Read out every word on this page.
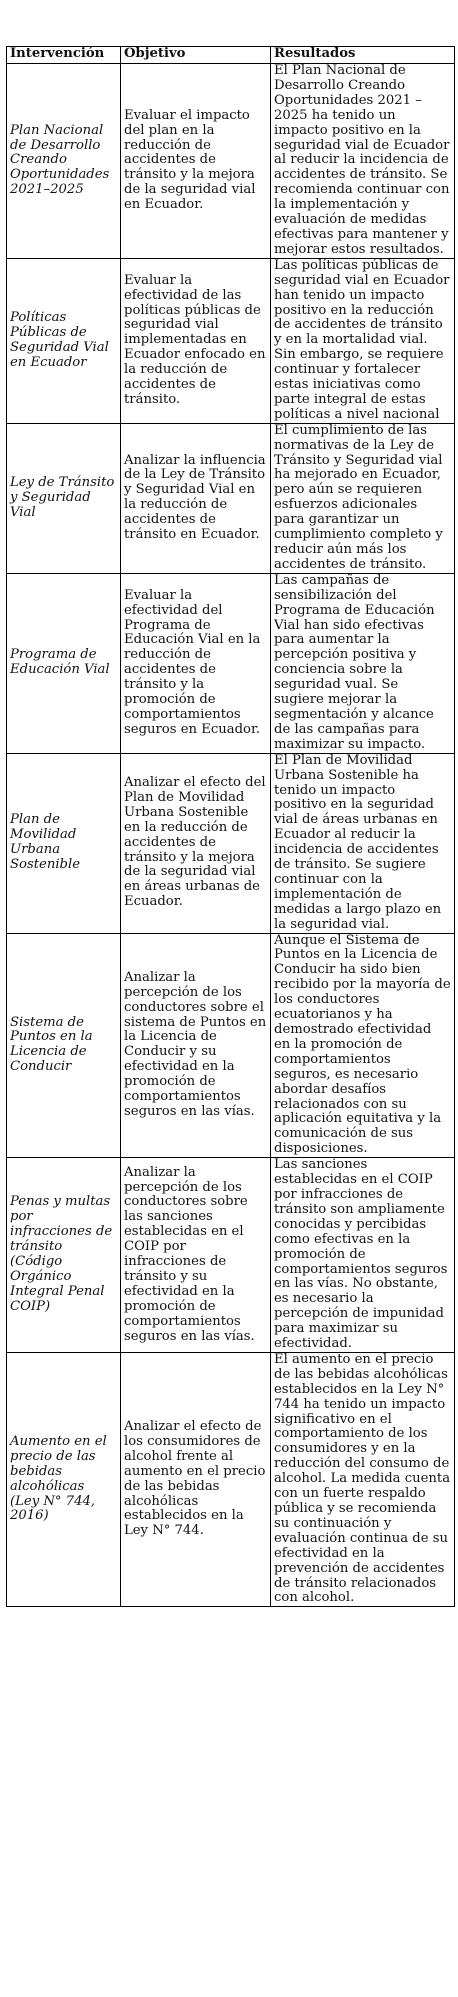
Intervención	Objetivo	Resultados
Plan Nacional de Desarrollo Creando Oportunidades 2021–2025	Evaluar el impacto del plan en la reducción de accidentes de tránsito y la mejora de la seguridad vial en Ecuador.	El Plan Nacional de Desarrollo Creando Oportunidades 2021 – 2025 ha tenido un impacto positivo en la seguridad vial de Ecuador al reducir la incidencia de accidentes de tránsito. Se recomienda continuar con la implementación y evaluación de medidas efectivas para mantener y mejorar estos resultados.
Políticas Públicas de Seguridad Vial en Ecuador	Evaluar la efectividad de las políticas públicas de seguridad vial implementadas en Ecuador enfocado en la reducción de accidentes de tránsito.	Las políticas públicas de seguridad vial en Ecuador han tenido un impacto positivo en la reducción de accidentes de tránsito y en la mortalidad vial. Sin embargo, se requiere continuar y fortalecer estas iniciativas como parte integral de estas políticas a nivel nacional
Ley de Tránsito y Seguridad Vial	Analizar la influencia de la Ley de Tránsito y Seguridad Vial en la reducción de accidentes de tránsito en Ecuador.	El cumplimiento de las normativas de la Ley de Tránsito y Seguridad vial ha mejorado en Ecuador, pero aún se requieren esfuerzos adicionales para garantizar un cumplimiento completo y reducir aún más los accidentes de tránsito.
Programa de Educación Vial	Evaluar la efectividad del Programa de Educación Vial en la reducción de accidentes de tránsito y la promoción de comportamientos seguros en Ecuador.	Las campañas de sensibilización del Programa de Educación Vial han sido efectivas para aumentar la percepción positiva y conciencia sobre la seguridad vual. Se sugiere mejorar la segmentación y alcance de las campañas para maximizar su impacto.
Plan de Movilidad Urbana Sostenible	Analizar el efecto del Plan de Movilidad Urbana Sostenible en la reducción de accidentes de tránsito y la mejora de la seguridad vial en áreas urbanas de Ecuador.	El Plan de Movilidad Urbana Sostenible ha tenido un impacto positivo en la seguridad vial de áreas urbanas en Ecuador al reducir la incidencia de accidentes de tránsito. Se sugiere continuar con la implementación de medidas a largo plazo en la seguridad vial.
Sistema de Puntos en la Licencia de Conducir	Analizar la percepción de los conductores sobre el sistema de Puntos en la Licencia de Conducir y su efectividad en la promoción de comportamientos seguros en las vías.	Aunque el Sistema de Puntos en la Licencia de Conducir ha sido bien recibido por la mayoría de los conductores ecuatorianos y ha demostrado efectividad en la promoción de comportamientos seguros, es necesario abordar desafíos relacionados con su aplicación equitativa y la comunicación de sus disposiciones.
Penas y multas por infracciones de tránsito (Código Orgánico Integral Penal COIP)	Analizar la percepción de los conductores sobre las sanciones establecidas en el COIP por infracciones de tránsito y su efectividad en la promoción de comportamientos seguros en las vías.	Las sanciones establecidas en el COIP por infracciones de tránsito son ampliamente conocidas y percibidas como efectivas en la promoción de comportamientos seguros en las vías. No obstante, es necesario la percepción de impunidad para maximizar su efectividad.
Aumento en el precio de las bebidas alcohólicas (Ley N° 744, 2016)	Analizar el efecto de los consumidores de alcohol frente al aumento en el precio de las bebidas alcohólicas establecidos en la Ley N° 744.	El aumento en el precio de las bebidas alcohólicas establecidos en la Ley N° 744 ha tenido un impacto significativo en el comportamiento de los consumidores y en la reducción del consumo de alcohol. La medida cuenta con un fuerte respaldo pública y se recomienda su continuación y evaluación continua de su efectividad en la prevención de accidentes de tránsito relacionados con alcohol.
